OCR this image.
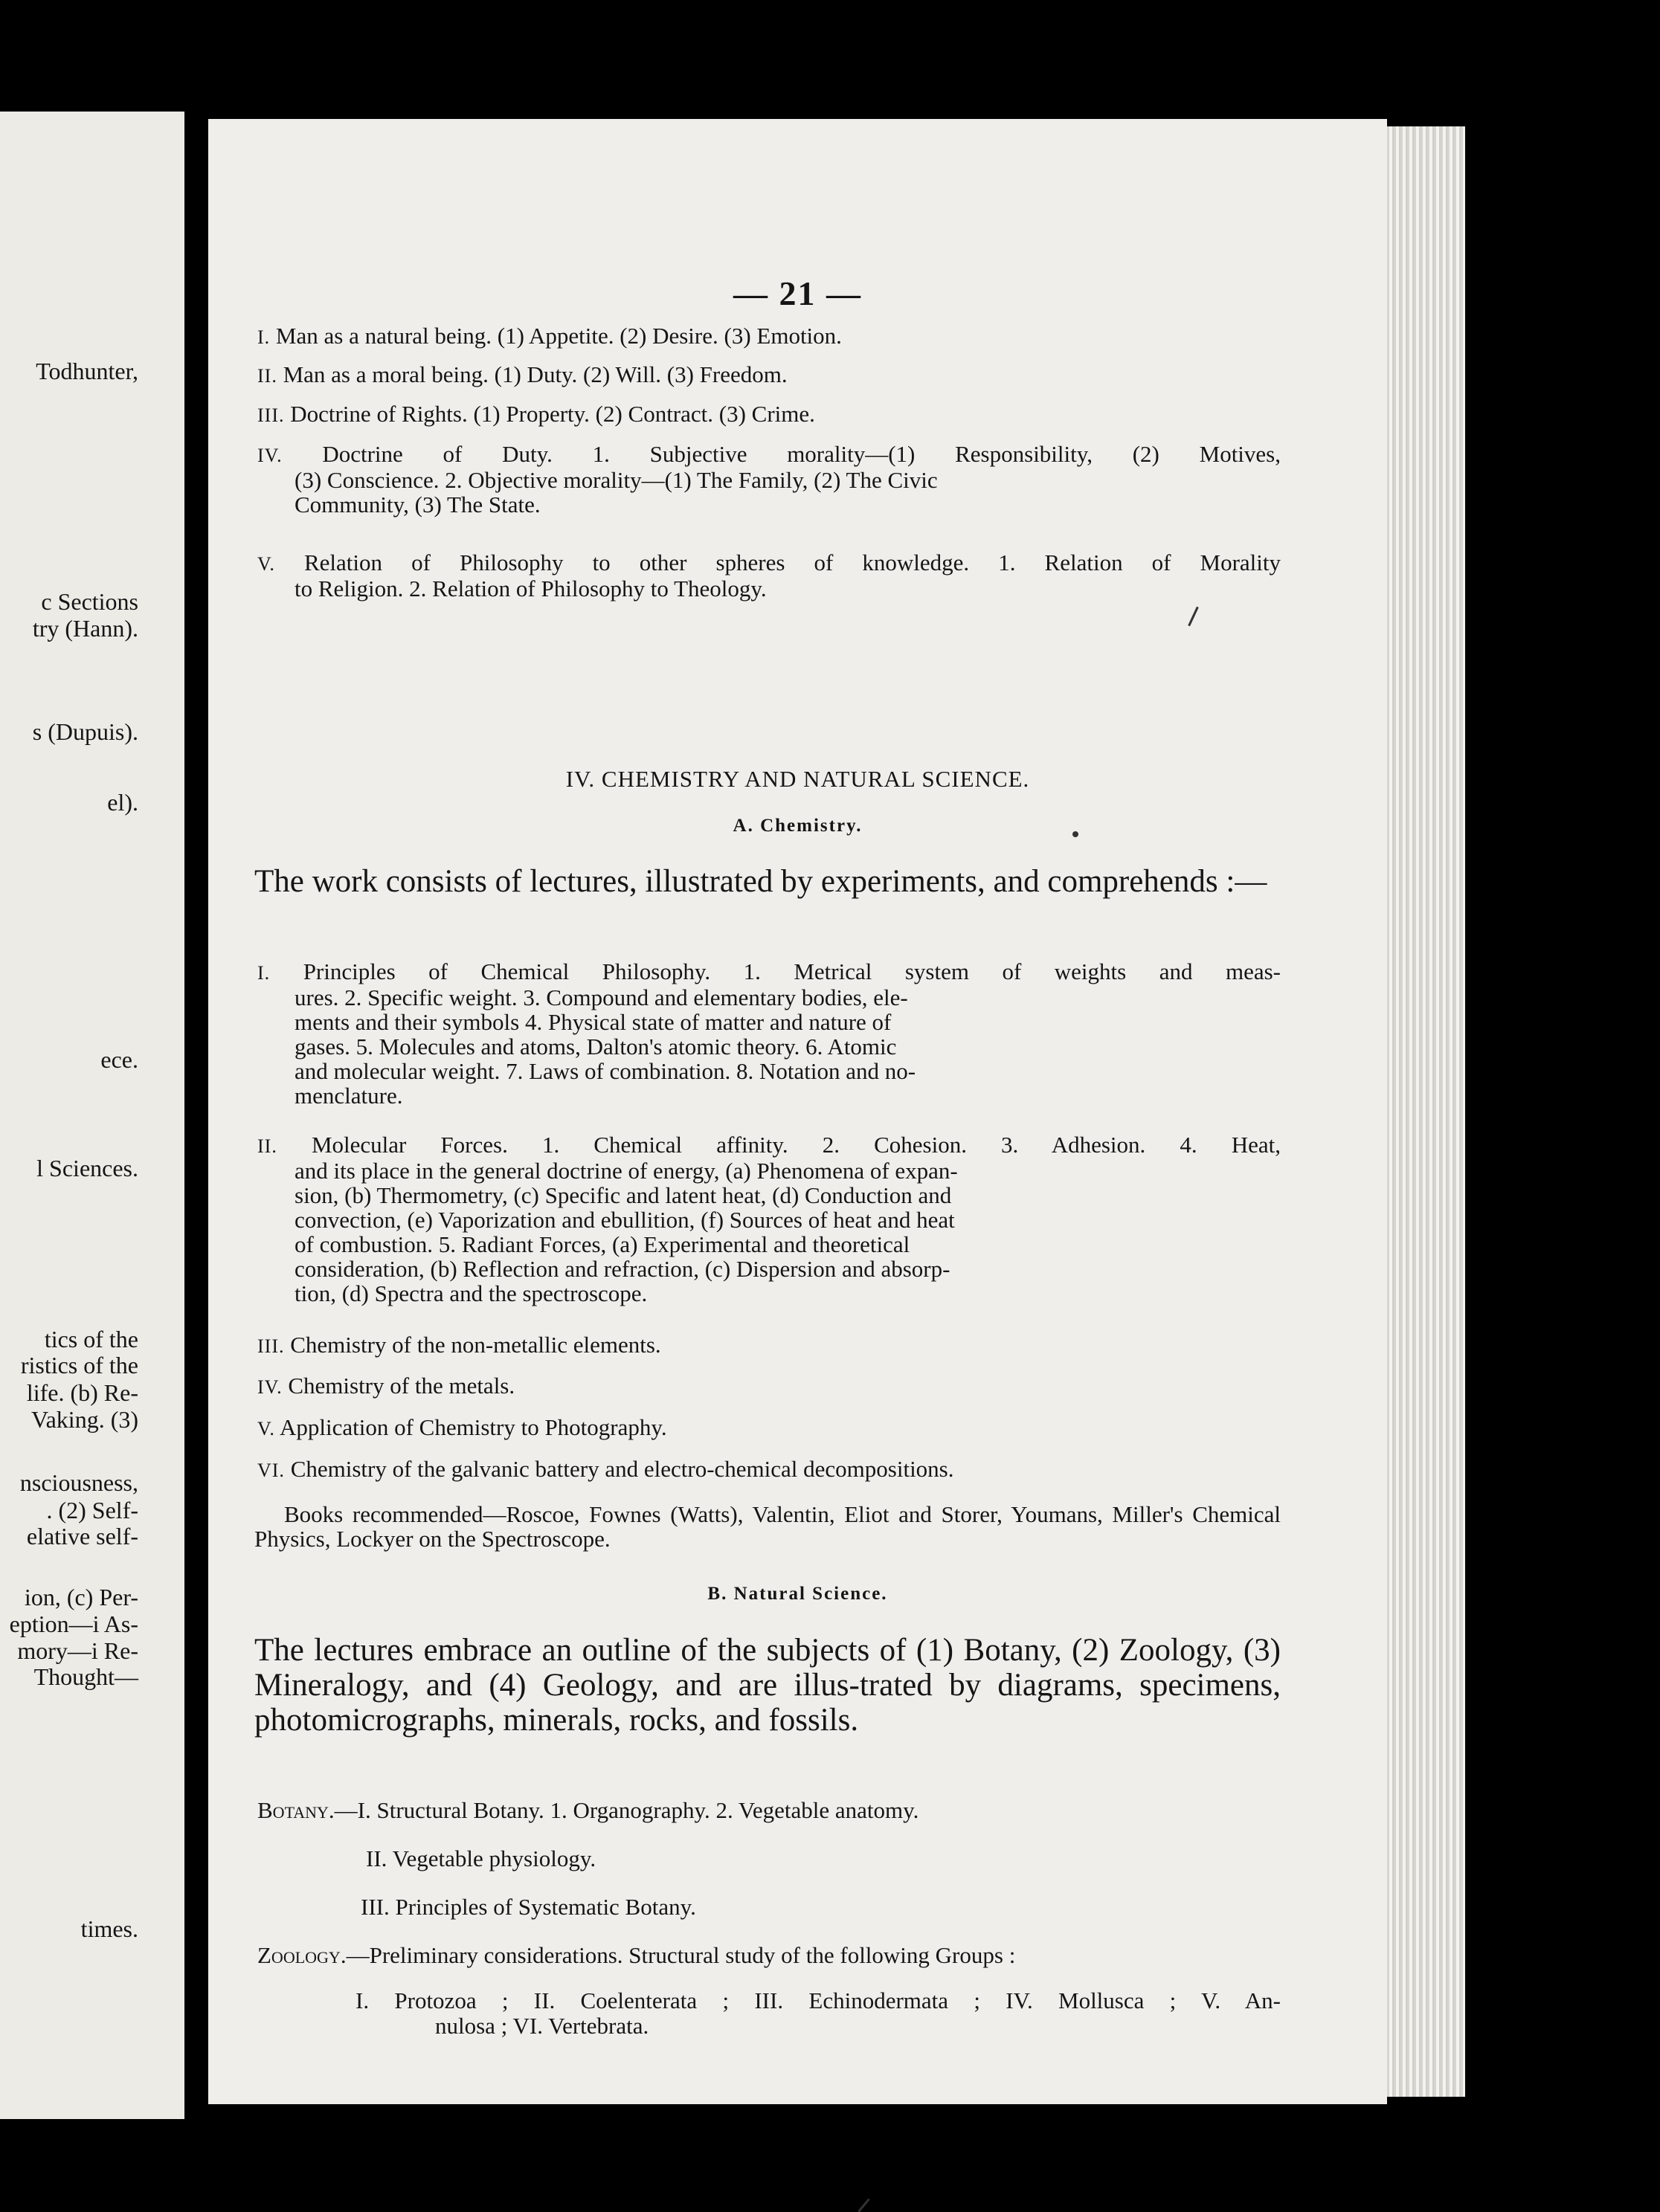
Todhunter,
c Sections
try (Hann).
s (Dupuis).
el).
ece.
l Sciences.
tics of the
ristics of the
life. (b) Re-
Vaking. (3)
nsciousness,
. (2) Self-
elative self-
ion, (c) Per-
eption—i As-
mory—i Re-
Thought—
times.
— 21 —
I. Man as a natural being. (1) Appetite. (2) Desire. (3) Emotion.
II. Man as a moral being. (1) Duty. (2) Will. (3) Freedom.
III. Doctrine of Rights. (1) Property. (2) Contract. (3) Crime.
IV. Doctrine of Duty. 1. Subjective morality—(1) Responsibility, (2) Motives,
(3) Conscience. 2. Objective morality—(1) The Family, (2) The Civic
Community, (3) The State.
V. Relation of Philosophy to other spheres of knowledge. 1. Relation of Morality
to Religion. 2. Relation of Philosophy to Theology.
IV. CHEMISTRY AND NATURAL SCIENCE.
A. Chemistry.
The work consists of lectures, illustrated by experiments, and comprehends :—
I. Principles of Chemical Philosophy. 1. Metrical system of weights and meas-
ures. 2. Specific weight. 3. Compound and elementary bodies, ele-
ments and their symbols 4. Physical state of matter and nature of
gases. 5. Molecules and atoms, Dalton's atomic theory. 6. Atomic
and molecular weight. 7. Laws of combination. 8. Notation and no-
menclature.
II. Molecular Forces. 1. Chemical affinity. 2. Cohesion. 3. Adhesion. 4. Heat,
and its place in the general doctrine of energy, (a) Phenomena of expan-
sion, (b) Thermometry, (c) Specific and latent heat, (d) Conduction and
convection, (e) Vaporization and ebullition, (f) Sources of heat and heat
of combustion. 5. Radiant Forces, (a) Experimental and theoretical
consideration, (b) Reflection and refraction, (c) Dispersion and absorp-
tion, (d) Spectra and the spectroscope.
III. Chemistry of the non-metallic elements.
IV. Chemistry of the metals.
V. Application of Chemistry to Photography.
VI. Chemistry of the galvanic battery and electro-chemical decompositions.
Books recommended—Roscoe, Fownes (Watts), Valentin, Eliot and Storer, Youmans, Miller's Chemical Physics, Lockyer on the Spectroscope.
B. Natural Science.
The lectures embrace an outline of the subjects of (1) Botany, (2) Zoology, (3) Mineralogy, and (4) Geology, and are illus-trated by diagrams, specimens, photomicrographs, minerals, rocks, and fossils.
Botany.—I. Structural Botany. 1. Organography. 2. Vegetable anatomy.
II. Vegetable physiology.
III. Principles of Systematic Botany.
Zoology.—Preliminary considerations. Structural study of the following Groups :
I. Protozoa ; II. Coelenterata ; III. Echinodermata ; IV. Mollusca ; V. An-
nulosa ; VI. Vertebrata.
